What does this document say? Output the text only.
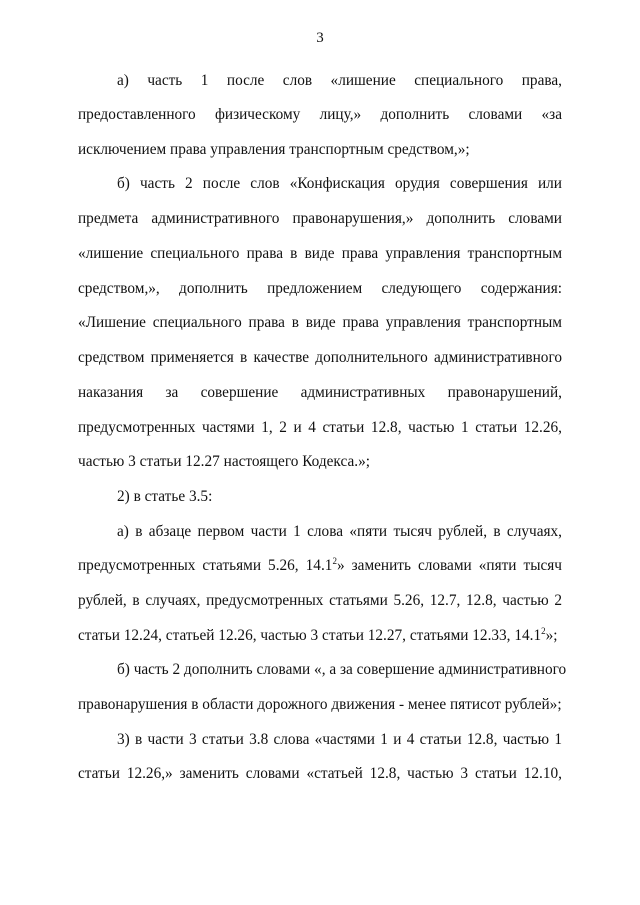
3
а) часть 1 после слов «лишение специального права,
предоставленного физическому лицу,» дополнить словами «за
исключением права управления транспортным средством,»;
б) часть 2 после слов «Конфискация орудия совершения или
предмета административного правонарушения,» дополнить словами
«лишение специального права в виде права управления транспортным
средством,», дополнить предложением следующего содержания:
«Лишение специального права в виде права управления транспортным
средством применяется в качестве дополнительного административного
наказания за совершение административных правонарушений,
предусмотренных частями 1, 2 и 4 статьи 12.8, частью 1 статьи 12.26,
частью 3 статьи 12.27 настоящего Кодекса.»;
2) в статье 3.5:
а) в абзаце первом части 1 слова «пяти тысяч рублей, в случаях,
предусмотренных статьями 5.26, 14.1$^2$» заменить словами «пяти тысяч
рублей, в случаях, предусмотренных статьями 5.26, 12.7, 12.8, частью 2
статьи 12.24, статьей 12.26, частью 3 статьи 12.27, статьями 12.33, 14.1$^2$»;
б) часть 2 дополнить словами «, а за совершение административного
правонарушения в области дорожного движения - менее пятисот рублей»;
3) в части 3 статьи 3.8 слова «частями 1 и 4 статьи 12.8, частью 1
статьи 12.26,» заменить словами «статьей 12.8, частью 3 статьи 12.10,
